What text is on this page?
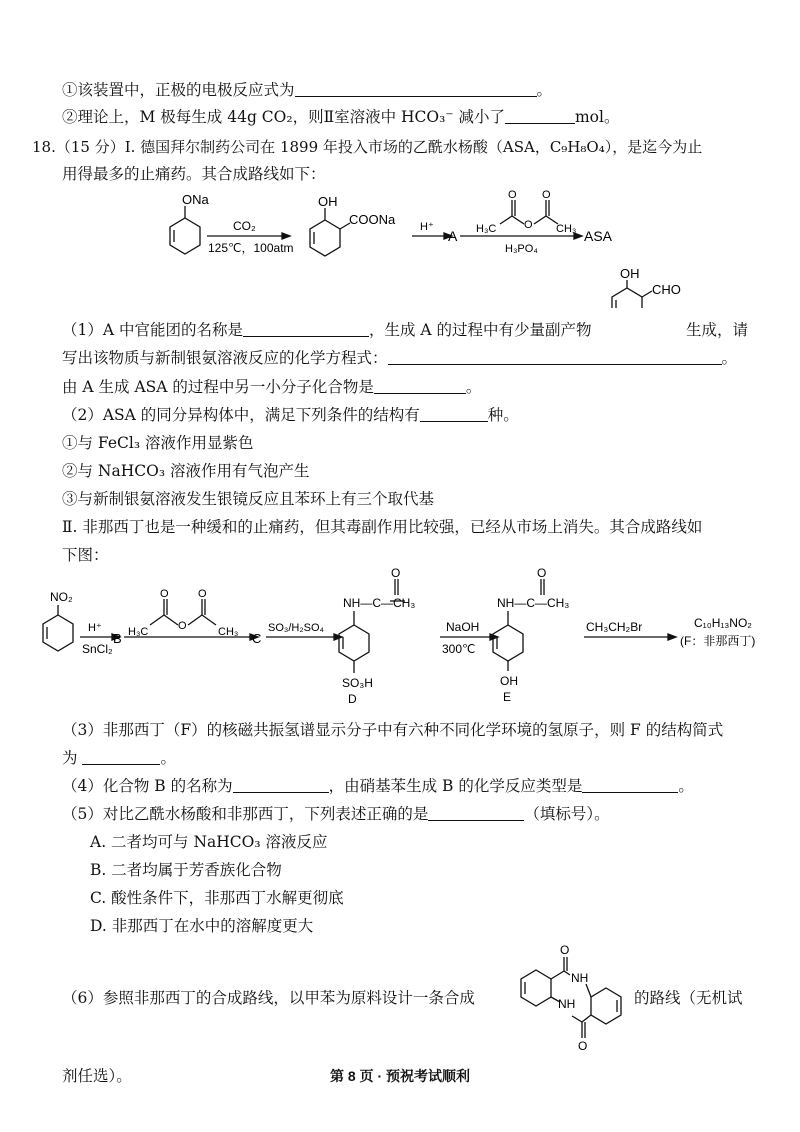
①该装置中，正极的电极反应式为	。
②理论上，M 极每生成 44g CO₂，则Ⅱ室溶液中 HCO₃⁻ 减小了	mol。
18.（15 分）Ⅰ. 德国拜尔制药公司在 1899 年投入市场的乙酰水杨酸（ASA，C₉H₈O₄），是迄今为止
用得最多的止痛药。其合成路线如下：
ONa
CO₂
125℃，100atm
OH
COONa H⁺
A H₃C
O
O
O
CH₃
H₃PO₄
ASA
OH
CHO
（1）A 中官能团的名称是	，生成 A 的过程中有少量副产物	生成，请
写出该物质与新制银氨溶液反应的化学方程式：	。
由 A 生成 ASA 的过程中另一小分子化合物是	。
（2）ASA 的同分异构体中，满足下列条件的结构有	种。
①与 FeCl₃ 溶液作用显紫色
②与 NaHCO₃ 溶液作用有气泡产生
③与新制银氨溶液发生银镜反应且苯环上有三个取代基
Ⅱ. 非那西丁也是一种缓和的止痛药，但其毒副作用比较强，已经从市场上消失。其合成路线如
下图：
NO₂
H⁺
SnCl₂
B H₃C
O
O
O
CH₃ C
SO₃/H₂SO₄
NH—C—CH₃
O
SO₃H
D
NaOH
300℃
NH—C—CH₃
O
OH
E
CH₃CH₂Br	C₁₀H₁₃NO₂
(F：非那西丁)
（3）非那西丁（F）的核磁共振氢谱显示分子中有六种不同化学环境的氢原子，则 F 的结构简式
为	。
（4）化合物 B 的名称为	，由硝基苯生成 B 的化学反应类型是	。
（5）对比乙酰水杨酸和非那西丁，下列表述正确的是	（填标号）。
A. 二者均可与 NaHCO₃ 溶液反应
B. 二者均属于芳香族化合物
C. 酸性条件下，非那西丁水解更彻底
D. 非那西丁在水中的溶解度更大
（6）参照非那西丁的合成路线，以甲苯为原料设计一条合成
O
NH
NH
O
的路线（无机试
剂任选）。	第 8 页 · 预祝考试顺利
